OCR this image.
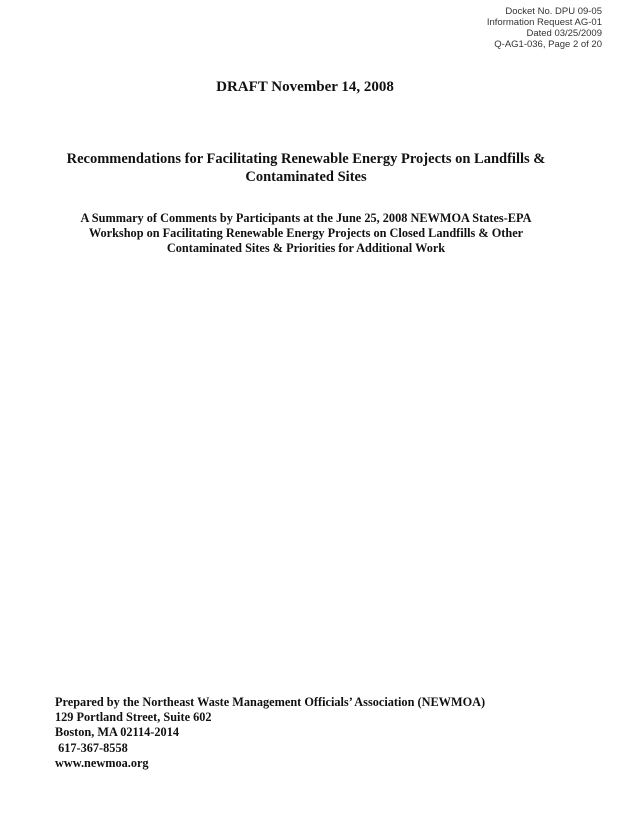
Docket No. DPU 09-05
Information Request AG-01
Dated 03/25/2009
Q-AG1-036, Page 2 of 20
DRAFT November 14, 2008
Recommendations for Facilitating Renewable Energy Projects on Landfills &
Contaminated Sites
A Summary of Comments by Participants at the June 25, 2008 NEWMOA States-EPA
Workshop on Facilitating Renewable Energy Projects on Closed Landfills & Other
Contaminated Sites & Priorities for Additional Work
Prepared by the Northeast Waste Management Officials’ Association (NEWMOA)
129 Portland Street, Suite 602
Boston, MA 02114-2014
617-367-8558
www.newmoa.org
